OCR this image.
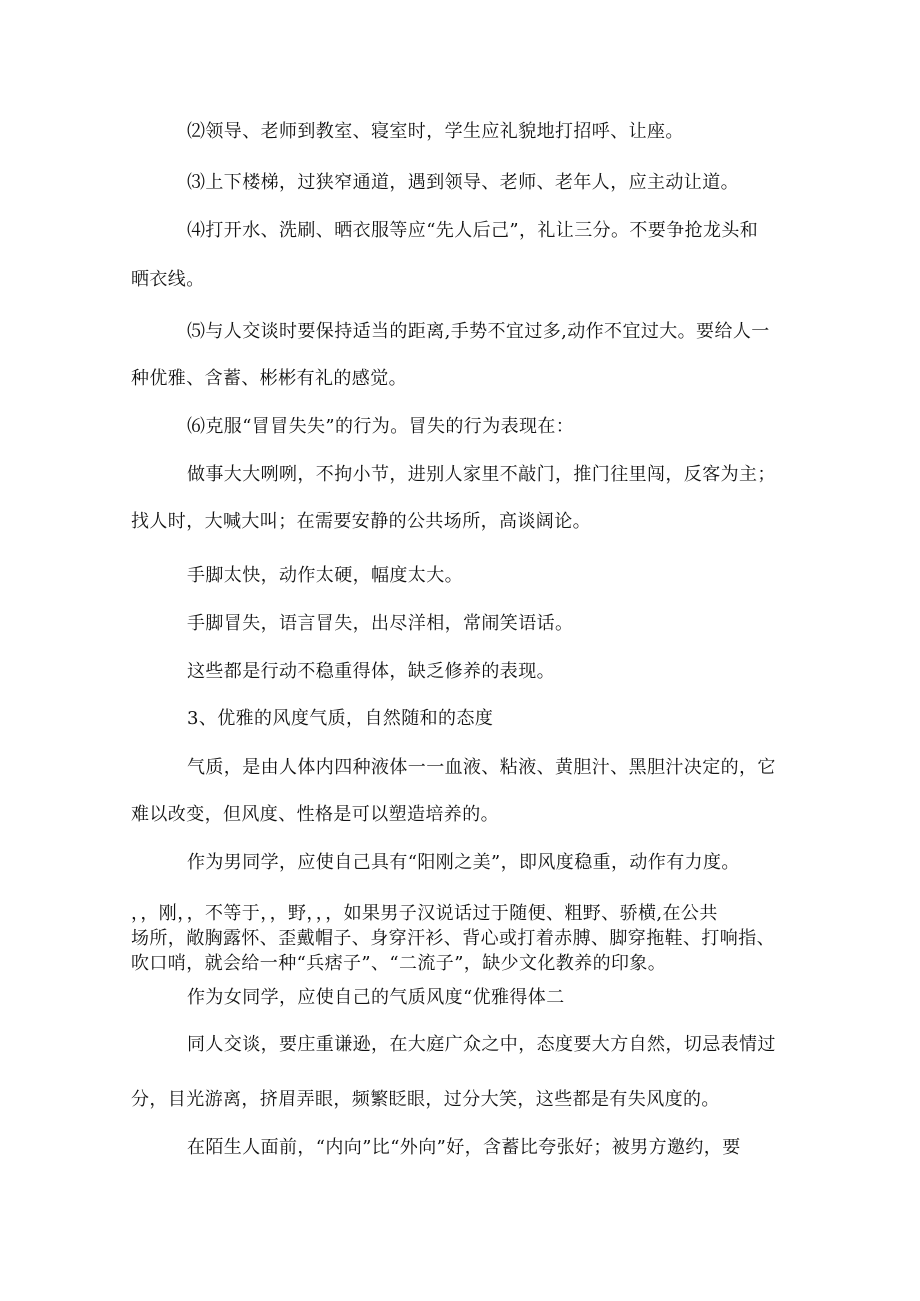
⑵领导、老师到教室、寝室时，学生应礼貌地打招呼、让座。
⑶上下楼梯，过狭窄通道，遇到领导、老师、老年人，应主动让道。
⑷打开水、洗刷、晒衣服等应“先人后己”，礼让三分。不要争抢龙头和
晒衣线。
⑸与人交谈时要保持适当的距离,手势不宜过多,动作不宜过大。要给人一
种优雅、含蓄、彬彬有礼的感觉。
⑹克服“冒冒失失”的行为。冒失的行为表现在：
做事大大咧咧，不拘小节，进别人家里不敲门，推门往里闯，反客为主；
找人时，大喊大叫；在需要安静的公共场所，高谈阔论。
手脚太快，动作太硬，幅度太大。
手脚冒失，语言冒失，出尽洋相，常闹笑语话。
这些都是行动不稳重得体，缺乏修养的表现。
3、优雅的风度气质，自然随和的态度
气质，是由人体内四种液体一一血液、粘液、黄胆汁、黑胆汁决定的，它
难以改变，但风度、性格是可以塑造培养的。
作为男同学，应使自己具有“阳刚之美”，即风度稳重，动作有力度。
，，刚，，不等于，，野，，，如果男子汉说话过于随便、粗野、骄横,在公共
场所，敞胸露怀、歪戴帽子、身穿汗衫、背心或打着赤膊、脚穿拖鞋、打响指、
吹口哨，就会给一种“兵痞子”、“二流子”，缺少文化教养的印象。
作为女同学，应使自己的气质风度“优雅得体二
同人交谈，要庄重谦逊，在大庭广众之中，态度要大方自然，切忌表情过
分，目光游离，挤眉弄眼，频繁眨眼，过分大笑，这些都是有失风度的。
在陌生人面前，“内向”比“外向”好，含蓄比夸张好；被男方邀约，要
